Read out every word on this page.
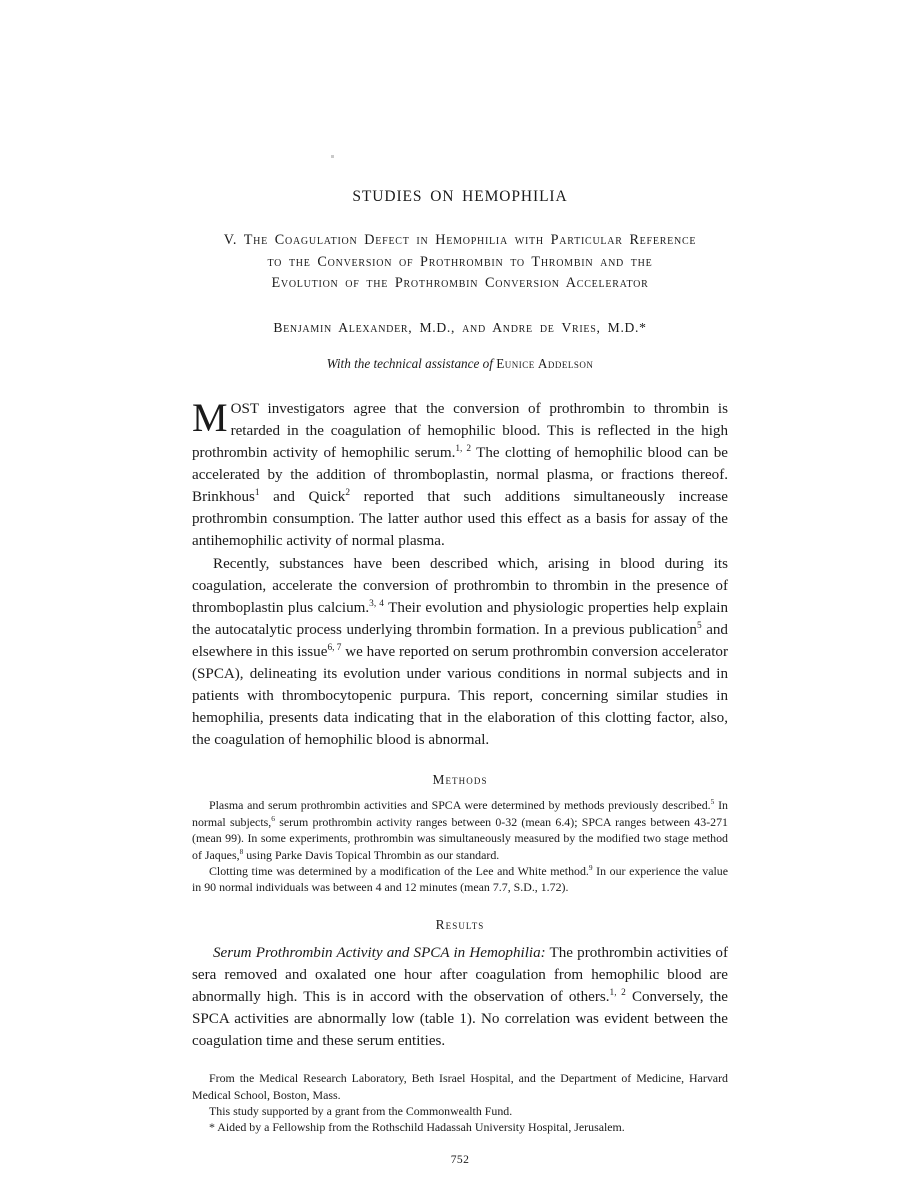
STUDIES ON HEMOPHILIA
V. The Coagulation Defect in Hemophilia with Particular Reference
to the Conversion of Prothrombin to Thrombin and the
Evolution of the Prothrombin Conversion Accelerator
Benjamin Alexander, M.D., and Andre de Vries, M.D.*
With the technical assistance of Eunice Addelson

MOST investigators agree that the conversion of prothrombin to thrombin is retarded in the coagulation of hemophilic blood. This is reflected in the high prothrombin activity of hemophilic serum.$^{1, 2}$ The clotting of hemophilic blood can be accelerated by the addition of thromboplastin, normal plasma, or fractions thereof. Brinkhous$^1$ and Quick$^2$ reported that such additions simultaneously increase prothrombin consumption. The latter author used this effect as a basis for assay of the antihemophilic activity of normal plasma.

Recently, substances have been described which, arising in blood during its coagulation, accelerate the conversion of prothrombin to thrombin in the presence of thromboplastin plus calcium.$^{3, 4}$ Their evolution and physiologic properties help explain the autocatalytic process underlying thrombin formation. In a previous publication$^5$ and elsewhere in this issue$^{6, 7}$ we have reported on serum prothrombin conversion accelerator (SPCA), delineating its evolution under various conditions in normal subjects and in patients with thrombocytopenic purpura. This report, concerning similar studies in hemophilia, presents data indicating that in the elaboration of this clotting factor, also, the coagulation of hemophilic blood is abnormal.

Methods

Plasma and serum prothrombin activities and SPCA were determined by methods previously described.$^5$ In normal subjects,$^6$ serum prothrombin activity ranges between 0-32 (mean 6.4); SPCA ranges between 43-271 (mean 99). In some experiments, prothrombin was simultaneously measured by the modified two stage method of Jaques,$^8$ using Parke Davis Topical Thrombin as our standard.

Clotting time was determined by a modification of the Lee and White method.$^9$ In our experience the value in 90 normal individuals was between 4 and 12 minutes (mean 7.7, S.D., 1.72).

Results

Serum Prothrombin Activity and SPCA in Hemophilia: The prothrombin activities of sera removed and oxalated one hour after coagulation from hemophilic blood are abnormally high. This is in accord with the observation of others.$^{1, 2}$ Conversely, the SPCA activities are abnormally low (table 1). No correlation was evident between the coagulation time and these serum entities.

From the Medical Research Laboratory, Beth Israel Hospital, and the Department of Medicine, Harvard Medical School, Boston, Mass.

This study supported by a grant from the Commonwealth Fund.

* Aided by a Fellowship from the Rothschild Hadassah University Hospital, Jerusalem.

752
